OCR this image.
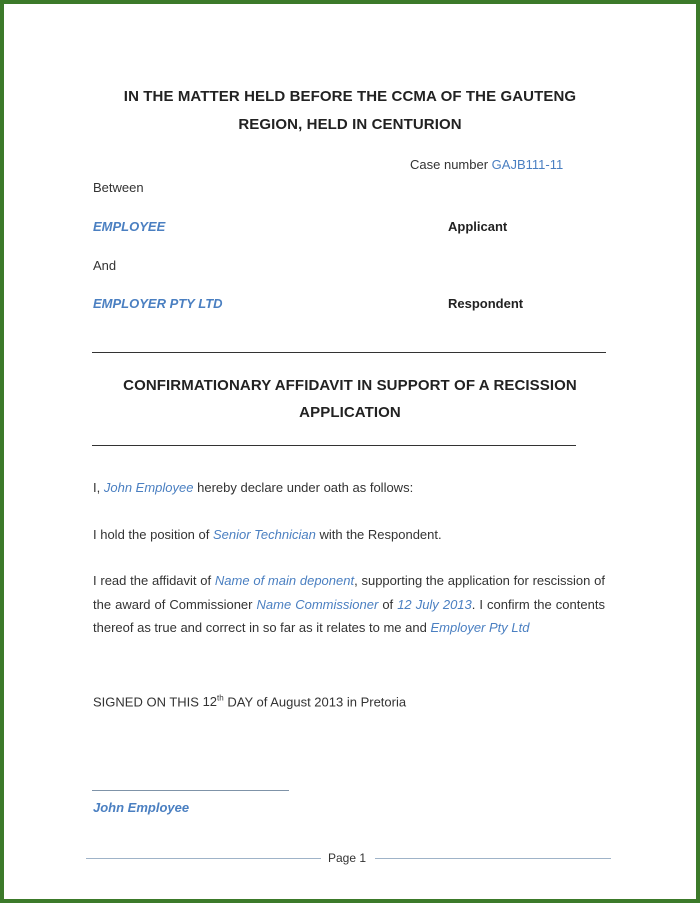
IN THE MATTER HELD BEFORE THE CCMA OF THE GAUTENG

REGION, HELD IN CENTURION

Case number GAJB111-11

Between

EMPLOYEE	Applicant

And

EMPLOYER PTY LTD	Respondent

CONFIRMATIONARY AFFIDAVIT IN SUPPORT OF A RECISSION

APPLICATION

I, John Employee hereby declare under oath as follows:

I hold the position of Senior Technician with the Respondent.

I read the affidavit of Name of main deponent, supporting the application for rescission of the award of Commissioner Name Commissioner of 12 July 2013. I confirm the contents thereof as true and correct in so far as it relates to me and Employer Pty Ltd

SIGNED ON THIS 12th DAY of August 2013 in Pretoria

John Employee

Page 1
